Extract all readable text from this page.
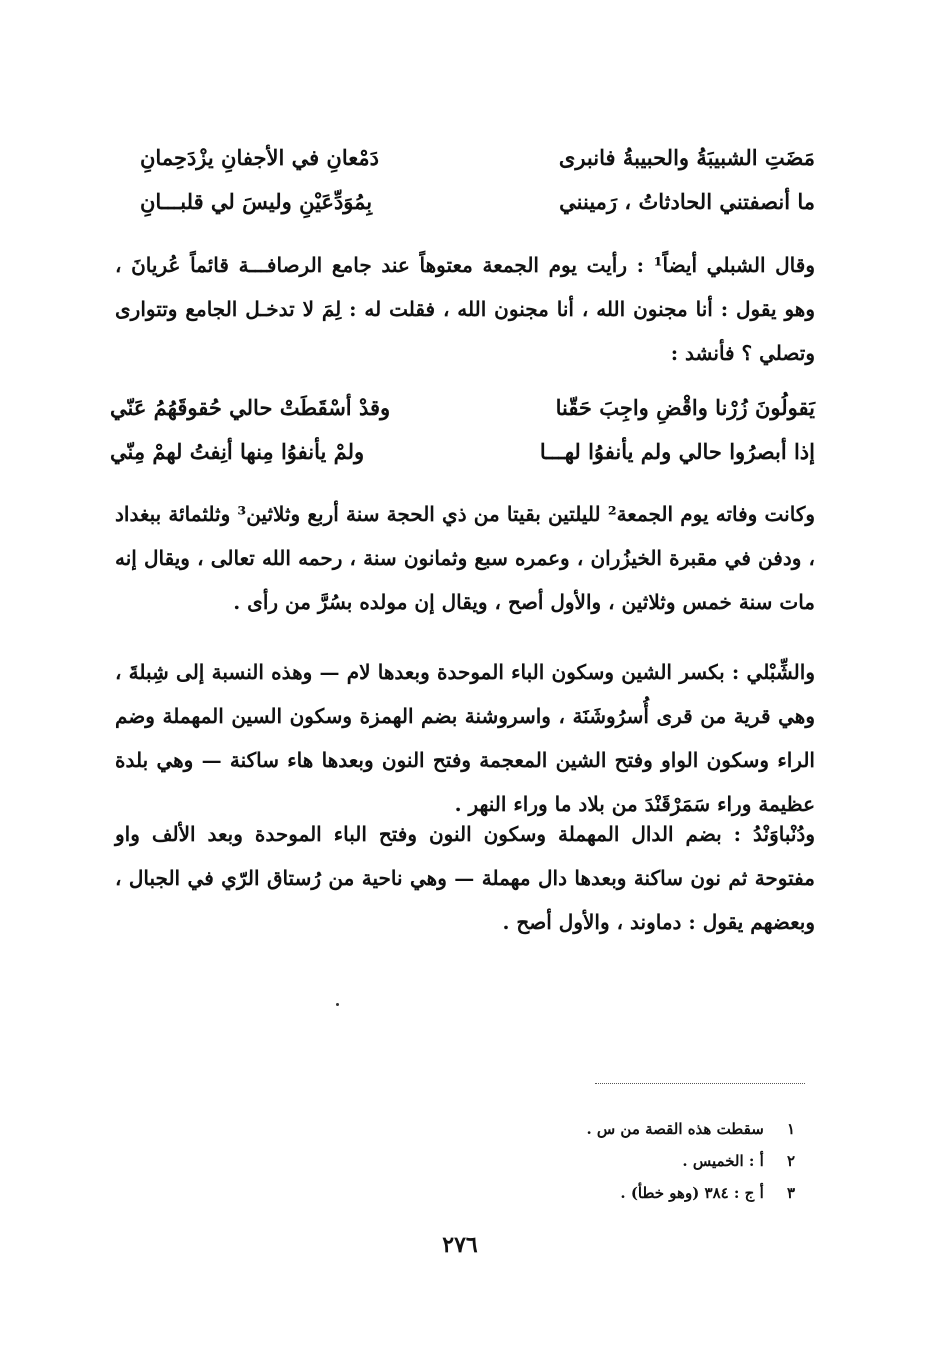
مَضَتِ الشبيبَةُ والحبيبةُ فانبرى
دَمْعانِ في الأجفانِ يزْدَحِمانِ
ما أنصفتني الحادثاتُ ، رَمينني
بِمُوَدِّعَيْنِ وليسَ لي قلبـــانِ

وقال الشبلي أيضاً¹ : رأيت يوم الجمعة معتوهاً عند جامع الرصافـــة قائماً عُريانَ ، وهو يقول : أنا مجنون الله ، أنا مجنون الله ، فقلت له : لِمَ لا تدخـل الجامع وتتوارى وتصلي ؟ فأنشد :

يَقولُونَ زُرْنا واقْضِ واجِبَ حَقّنا
وقدْ أسْقَطَتْ حالي حُقوقَهُمُ عَنّي
إذا أبصرُوا حالي ولم يأنفوُا لهـــا
ولمْ يأنفوُا مِنها أنِفتُ لهمْ مِنّي

وكانت وفاته يوم الجمعة² لليلتين بقيتا من ذي الحجة سنة أربع وثلاثين³ وثلثمائة ببغداد ، ودفن في مقبرة الخيزُران ، وعمره سبع وثمانون سنة ، رحمه الله تعالى ، ويقال إنه مات سنة خمس وثلاثين ، والأول أصح ، ويقال إن مولده بسُرَّ من رأى .

والشِّبْلي : بكسر الشين وسكون الباء الموحدة وبعدها لام — وهذه النسبة إلى شِبلةَ ، وهي قرية من قرى أُسرُوشَنَة ، واسروشنة بضم الهمزة وسكون السين المهملة وضم الراء وسكون الواو وفتح الشين المعجمة وفتح النون وبعدها هاء ساكنة — وهي بلدة عظيمة وراء سَمَرْقَنْدَ من بلاد ما وراء النهر .

ودُنْباوَنْدُ : بضم الدال المهملة وسكون النون وفتح الباء الموحدة وبعد الألف واو مفتوحة ثم نون ساكنة وبعدها دال مهملة — وهي ناحية من رُستاق الرّي في الجبال ، وبعضهم يقول : دماوند ، والأول أصح .

١ سقطت هذه القصة من س .
٢ أ : الخميس .
٣ أ ج : ٣٨٤ (وهو خطأ) .
٢٧٦
